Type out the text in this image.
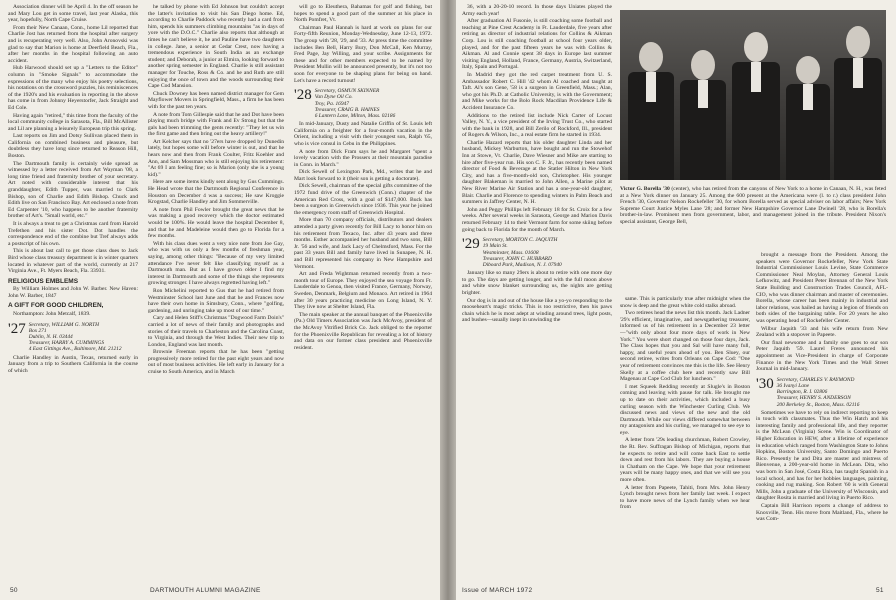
Association dinner will be April 4. In the off season he and Mary Lou get in some travel, last year Alaska, this year, hopefully, North Cape Cruise.

From their New Canaan, Conn., home Lil reported that Charlie Jost has returned from the hospital after surgery and is recuperating very well. Also, John Aronovski was glad to say that Marion is home at Deerfield Beach, Fla., after her months in the hospital following an auto accident.

Hub Harwood should set up a "Letters to the Editor" column in "Smoke Signals" to accommodate the expressions of the many who enjoy his poetry selections, his notations on the crossword puzzles, his reminiscences of the 1920's and his evaluation in reporting in the above has come in from Johnny Heyerstorfer, Jack Straight and Ed Cole.

Having again "retired," this time from the faculty of the local community college in Sarasota, Fla., Bill McAllister and Lil are planning a leisurely European trip this spring.

Last reports on Jim and Dotsy Sullivan placed them in California on combined business and pleasure, but doubtless they have long since returned to Reason Hill, Boston.

The Dartmouth family is certainly wide spread as witnessed by a letter received from Art Wayman '08, a long time friend and fraternity brother of your secretary. Art noted with considerable interest that his granddaughter, Edith Tupper, was married to Clark Bishop, son of Charlie and Edith Bishop. Chuck and Edith live on San Francisco Bay. Art enclosed a note from Ed Carpenter '10, who happens to be another fraternity brother of Art's. "Small world, etc."

It is always a treat to get a Christmas card from Harold Trefethen and his sister Dot. Dot handles the correspondence end of the combine but Tref always adds a postscript of his own.

This is about last call to get those class dues to Jack Bird whose class treasury department is in winter quarters located in whatever part of the world, currently at 217 Virginia Ave., Ft. Myers Beach, Fla. 33931.

RELIGIOUS EMBLEMS

By William Holmes and John W. Barber. New Haven: John W. Barber, 1847

A GIFT FOR GOOD CHILDREN,

Northampton: John Metcalf, 1839.

'27 Secretary, WILLIAM G. NORTH
Box 271
Dublin, N. H. 03444
Treasurer, HARRY A. CUMMINGS
4 East Gittings Ave., Baltimore, Md. 21212

Charlie Handley in Austin, Texas, returned early in January from a trip to Southern California in the course of which

he talked by phone with Ed Johnson but couldn't accept the latter's invitation to visit his San Diego home. Ed, according to Charlie Paddock who recently had a card from him, spends his summers climbing mountains "as in days of yore with the D.O.C." Charlie also reports that although at times he can't believe it, he and Pauline have two daughters in college. Jane, a senior at Cedar Crest, now having a tremendous experience in South India as an exchange student; and Deborah, a junior at Elmira, looking forward to another spring semester in England. Charlie is still assistant manager for Touche, Ross & Co. and he and Ruth are still enjoying the once of town and the woods surrounding their Cape Cod Mansion.

Chuck Downey has been named district manager for Gem Mayflower Movers in Springfield, Mass., a firm he has been with for the past ten years.

A note from Tom Gillespie said that he and Dot have been playing much bridge with Frank and Ev Strong but that the gals had been trimming the gents recently: "They let us win the first game and then bring out the heavy artillery!"

Art Kelcher says that no '27ers have dropped by Dunedin lately, but hopes some will before winter is out, and that he hears now and then from Frank Coulter, Fritz Koehler and Ann, and Sam Mossman who is still enjoying his retirement: "At 69 I am feeling fine; so is Marion (only she is a young kid)."

Here are some items kindly sent along by Gus Cummings. He Head wrote that the Dartmouth Regional Conference in Houston on December 4 was a success; He saw Kroggie Krogstad, Charlie Handley and Jim Sommerville.

A note from Phil Fowler brought the great news that he was making a good recovery which the doctor estimated would be 100%. He would leave the hospital December 8, and that he and Madeleine would then go to Florida for a few months.

With his class dues went a very nice note from Joe Gay, who was with us only a few months of freshman year, saying, among other things: "Because of my very limited attendance I've never felt like classifying myself as a Dartmouth man. But as I have grown older I find my interest in Dartmouth and some of the things she represents growing stronger. I have always regretted having left."

Ron Michelini reported to Gus that he had retired from Westminster School last June and that he and Frances now have their own home in Simsbury, Conn., where "golfing, gardening, and unringing take up most of our time."

Cary and Helen Stiff's Christmas "Dogwood Farm Doin's" carried a lot of news of their family and photographs and stories of their travels to Charleston and the Carolina Coast, to Virginia, and through the West Indies. Their new trip to London, England was last month.

Brownie Freeman reports that he has been "getting progressively more retired for the past eight years and now out of most business activities. He left early in January for a cruise to South America, and in March

will go to Eleuthera, Bahamas for golf and fishing, but hopes to spend a good part of the summer at his place in North Pomfret, Vt.

Chairman Paul Hannah is hard at work on plans for our Forty-fifth Reunion, Monday-Wednesday, June 12-13, 1972. The group with '28, '29, and '33. At press time the committee includes Ben Bell, Harry Bury, Don McCall, Ken Murray, Fred Page, Jay Willing, and your scribe. Assignments for these and for other members expected to be named by President Mullin will be announced presently, but it's not too soon for everyone to be shaping plans for being on hand. Let's have a record turnout!

'28 Secretary, OSMUN SKINNER
Van Dyne Oil Co.
Troy, Pa. 16947
Treasurer, CRAIG B. HAINES
6 Lantern Lane, Milton, Mass. 02186

In mid-January, Dusty and Natalie Griffin of St. Louis left California on a freighter for a four-month vacation in the Orient, including a visit with their youngest son, Ralph '65, who is vice consul in Cebu in the Philippines.

A note from Dick Fram says he and Margaret "spent a lovely vacation with the Prossers at their mountain paradise in Conn. in March."

Dick Sewell of Lexington Park, Md., writes that he and Mart look forward to it (their son is getting a doctorate).

Dick Sewell, chairman of the special gifts committee of the 1972 fund drive of the Greenwich (Conn.) chapter of the American Red Cross, with a goal of $147,000. Buck has been a surgeon in Greenwich since 1936. This year he joined the emergency room staff of Greenwich Hospital.

More than 70 company officials, distributors and dealers attended a party given recently for Bill Lacy to honor him on his retirement from Texaco, Inc. after 43 years and three months. Esther accompanied her husband and two sons, Bill Jr. '56 and wife, and Jack Lacy of Chelmsford, Mass. For the past 33 years Bill and family have lived in Sunapee, N. H. and Bill represented his company in New Hampshire and Vermont.

Art and Freda Wightman returned recently from a two-month tour of Europe. They enjoyed the sea voyage from Ft. Lauderdale to Genoa, then visited France, Germany, Norway, Sweden, Denmark, Belgium and Monaco. Art retired in 1964 after 30 years practicing medicine on Long Island, N. Y. They live now at Shelter Island, Fla.

The main speaker at the annual banquet of the Phoenixville (Pa.) Old Timers Association was Jack McAvoy, president of the McAvoy Vitrified Brick Co. Jack obliged to the reporter for the Phoenixville Republican for revealing a lot of history and data on our former class president and Phoenixville resident.

50	DARTMOUTH ALUMNI MAGAZINE

36, with a 20-20-10 record. In those days Uniates played the Army each year!

After graduation Al Fusonie, is still coaching some football and teaching at Pine Crest Academy in Ft. Lauderdale, five years after retiring as director of industrial relations for Collins & Aikman Corp. Lou is still coaching football at school four years older, played, and for the past fifteen years he was with Collins & Aikman. Al and Connie spent 38 days in Europe last summer visiting England, Holland, France, Germany, Austria, Switzerland, Italy, Spain and Portugal.

In Madrid they got the red carpet treatment from U. S. Ambassador Robert C. Hill '42 whom Al coached and taught at Taft. Al's son Gene, '58 is a surgeon in Greenfield, Mass.; Alan, who got his Ph.D. at Catholic University, is with the Government; and Mike works for the Bolo Rock Macdilan Providence Life & Accident Insurance Co.

Additions to the retired list include Nick Carter of Locust Valley, N. Y., a vice president of the Irving Trust Co., who started with the bank in 1928, and Bill Zerilo of Rockford, Ill., president of Rogers & Wilson, Inc., a real estate firm he started in 1934.

Charlie Hazard reports that his older daughter Linda and her husband, Mickey Warburton, have bought and run the Stowehof Inn at Stowe, Vt. Charlie, Dave Wiesner and Mike are starting to hire after five-year run. His son C. F. Jr., has recently been named director of Food & Beverage at the Statler Hilton in New York City, and has a five-month-old son, Christopher. His younger daughter Blakeman is married to John Allen, a Marine pilot at New River Marine Air Station and has a one-year-old daughter, Blair. Charlie and Florence to spending winters in Palm Beach and summers in Jaffrey Center, N. H.

John and Peggy Phillips left February 18 for St. Croix for a few weeks. After several weeks in Sarasota, George and Marion Davis returned February 14 to their Vermont farm for some skiing before going back to Florida for the month of March.

'29 Secretary, MORTON C. JAQUITH
19 Main St.
Westminster, Mass. 01608
Treasurer, JOHN C. HUBBARD
Diboard Park, Madison, N. J. 07940

January like so many 29ers is about to retire with one more day to go. The days are getting longer, and with the full moon above and white snow blanket surrounding us, the nights are getting brighter.

Our dog is in and out of the house like a yo-yo responding to the mooseheart's magic tricks. This is too restrictive, then his paws chain which he is most adept at winding around trees, light posts, and bushes—usually inept in unwinding the

Victor G. Borella '30 (center), who has retired from the canyons of New York to a home in Canaan, N. H., was feted at a New York dinner on January 25. Among the 600 present at the Americana were (l. to r.) class president John French '30, Governor Nelson Rockefeller '30, for whom Borella served as special adviser on labor affairs; New York Supreme Court Justice Myles Lane '28; and former New Hampshire Governor Lane Dwinell '28, who is Borella's brother-in-law. Prominent men from government, labor, and management joined in the tribute. President Nixon's special assistant, George Bell,

same. This is particularly true after midnight when the snow is deep and the great white cold stalks abroad.

Two retirees head the news list this month. Jack Ladner '29's efficient, imaginative, and newsgathering treasurer, informed us of his retirement in a December 23 letter—"with only about four more days of work in New York." You were short changed on those four days, Jack. The Class hopes that you and Sal will have many full, happy, and useful years ahead of you. Ben Sluey, our second retiree, writes from Orleans on Cape Cod: "One year of retirement convinces me this is the life. See Henry Skelly at a coffee club here and recently saw Bill Magenau at Cape Cod Club for luncheon."

I met Squeek Redding recently at Slugle's in Boston coming and leaving with pause for talk. He brought me up to date on their activities, which included a busy curling season with the Winchester Curling Club. We discussed news and views of the new and the old Dartmouth. While our views differed somewhat between my antagonism and his curling, we managed to see eye to eye.

A letter from '29s leading churchman, Robert Crowley, the Rt. Rev. Suffragan Bishop of Michigan, reports that he expects to retire and will come back East to settle down and rest from his labors. They are buying a house in Chatham on the Cape. We hope that your retirement years will be many happy ones, and that we will see you more often.

A letter from Papeete, Tahiti, from Mrs. John Henry Lynch brought news from her family last week. I expect to have more news of the Lynch family when we hear from

brought a message from the President. Among the speakers were Governor Rockefeller, New York State Industrial Commissioner Louis Levine, State Commerce Commissioner Neal Moylan, Attorney General Louis Lefkowitz, and President Peter Brennan of the New York State Building and Construction Trades Council, AFL-CIO, who was dinner chairman and master of ceremonies. Borella, whose career has been mainly in industrial and labor relations, was hailed as having a legion of friends on both sides of the bargaining table. For 20 years he also was operating head of Rockefeller Center.

Wilbur Jaquith '33 and his wife return from New Zealand with a stopover in Papeete.

Our final newsome and a family one goes to our son Peter Jaquith '59. Laurel Freres announced his appointment as Vice-President in charge of Corporate Finance in the New York Times and the Wall Street Journal in mid-January.

'30 Secretary, CHARLES V. RAYMOND
36 Ivanyi Lane
Barrington, R. I. 02806
Treasurer, HENRY S. ANDERSON
200 Berkeley St., Boston, Mass. 02116

Sometimes we have to rely on indirect reporting to keep in touch with classmates. Thus the Win Hatch and his interesting family and professional life, and they reporter is the McLean (Virginia) Scene. Win is Coordinator of Higher Education in HEW, after a lifetime of experience in education which ranged from Washington State to Johns Hopkins, Boston University, Santo Domingo and Puerto Rico. Presently he and Dita are master and mistress of Bienvenue, a 200-year-old home in McLean. Dita, who was born in San José, Costa Rica, has taught Spanish in a local school, and has for her hobbies languages, painting, cooking and rug making. Son Robert '60 is with General Mills, John a graduate of the University of Wisconsin, and daughter Rosita is married and living in Puerto Rico.

Captain Bill Harrison reports a change of address to Knoxville, Tenn. His move from Maitland, Fla., where he was Com-

Issue of MARCH 1972	51
